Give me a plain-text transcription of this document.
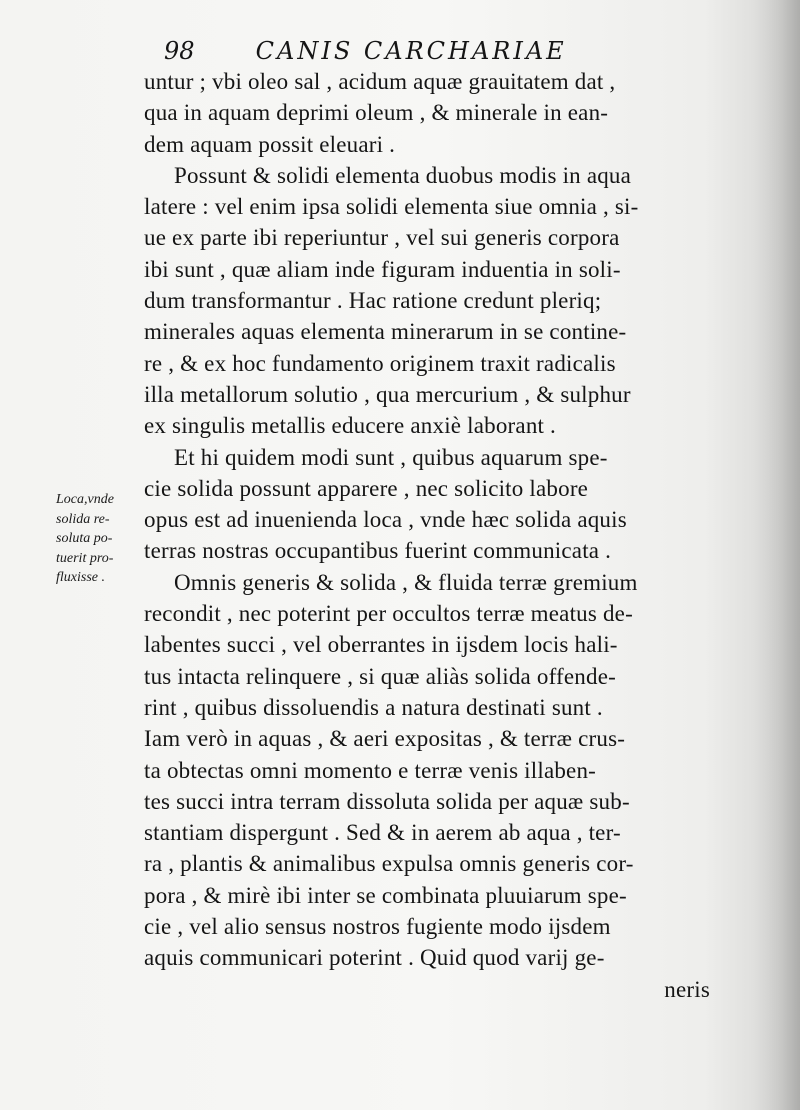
98	CANIS CARCHARIAE
Loca,vnde
solida re-
soluta po-
tuerit pro-
fluxisse .
untur ; vbi oleo sal , acidum aquæ grauitatem dat ,
qua in aquam deprimi oleum , & minerale in ean-
dem aquam possit eleuari .
Possunt & solidi elementa duobus modis in aqua
latere : vel enim ipsa solidi elementa siue omnia , si-
ue ex parte ibi reperiuntur , vel sui generis corpora
ibi sunt , quæ aliam inde figuram induentia in soli-
dum transformantur . Hac ratione credunt pleriq;
minerales aquas elementa minerarum in se contine-
re , & ex hoc fundamento originem traxit radicalis
illa metallorum solutio , qua mercurium , & sulphur
ex singulis metallis educere anxiè laborant .
Et hi quidem modi sunt , quibus aquarum spe-
cie solida possunt apparere , nec solicito labore
opus est ad inuenienda loca , vnde hæc solida aquis
terras nostras occupantibus fuerint communicata .
Omnis generis & solida , & fluida terræ gremium
recondit , nec poterint per occultos terræ meatus de-
labentes succi , vel oberrantes in ijsdem locis hali-
tus intacta relinquere , si quæ aliàs solida offende-
rint , quibus dissoluendis a natura destinati sunt .
Iam verò in aquas , & aeri expositas , & terræ crus-
ta obtectas omni momento e terræ venis illaben-
tes succi intra terram dissoluta solida per aquæ sub-
stantiam dispergunt . Sed & in aerem ab aqua , ter-
ra , plantis & animalibus expulsa omnis generis cor-
pora , & mirè ibi inter se combinata pluuiarum spe-
cie , vel alio sensus nostros fugiente modo ijsdem
aquis communicari poterint . Quid quod varij ge-
neris
